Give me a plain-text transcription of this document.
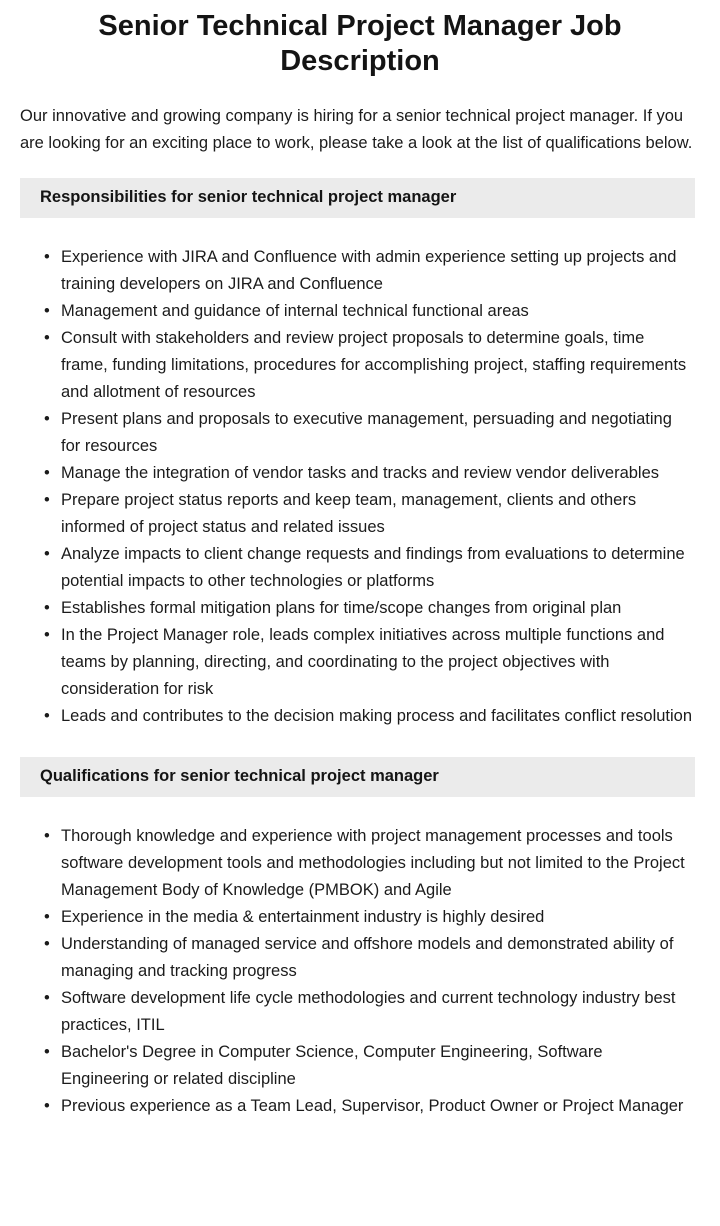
Senior Technical Project Manager Job Description

Our innovative and growing company is hiring for a senior technical project manager. If you are looking for an exciting place to work, please take a look at the list of qualifications below.

Responsibilities for senior technical project manager
• Experience with JIRA and Confluence with admin experience setting up projects and training developers on JIRA and Confluence
• Management and guidance of internal technical functional areas
• Consult with stakeholders and review project proposals to determine goals, time frame, funding limitations, procedures for accomplishing project, staffing requirements and allotment of resources
• Present plans and proposals to executive management, persuading and negotiating for resources
• Manage the integration of vendor tasks and tracks and review vendor deliverables
• Prepare project status reports and keep team, management, clients and others informed of project status and related issues
• Analyze impacts to client change requests and findings from evaluations to determine potential impacts to other technologies or platforms
• Establishes formal mitigation plans for time/scope changes from original plan
• In the Project Manager role, leads complex initiatives across multiple functions and teams by planning, directing, and coordinating to the project objectives with consideration for risk
• Leads and contributes to the decision making process and facilitates conflict resolution
Qualifications for senior technical project manager
• Thorough knowledge and experience with project management processes and tools software development tools and methodologies including but not limited to the Project Management Body of Knowledge (PMBOK) and Agile
• Experience in the media & entertainment industry is highly desired
• Understanding of managed service and offshore models and demonstrated ability of managing and tracking progress
• Software development life cycle methodologies and current technology industry best practices, ITIL
• Bachelor's Degree in Computer Science, Computer Engineering, Software Engineering or related discipline
• Previous experience as a Team Lead, Supervisor, Product Owner or Project Manager
